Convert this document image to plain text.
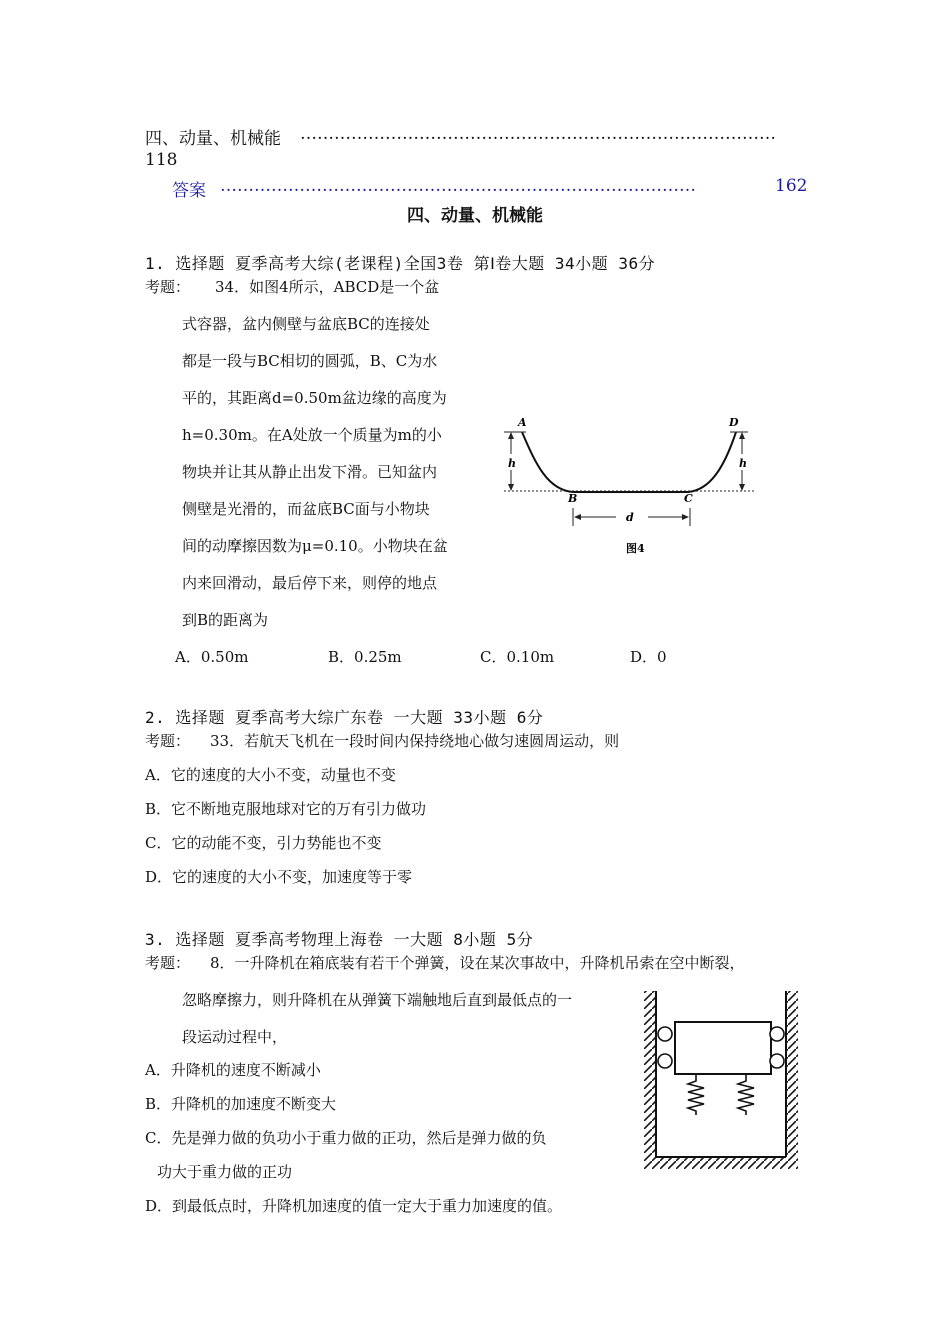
四、动量、机械能 …………………………………………………………………………
118
答案 …………………………………………………………………………	162
四、动量、机械能
1. 选择题 夏季高考大综(老课程)全国3卷 第Ⅰ卷大题 34小题 36分
考题： 34．如图4所示，ABCD是一个盆
式容器，盆内侧壁与盆底BC的连接处
都是一段与BC相切的圆弧，B、C为水
平的，其距离d=0.50m盆边缘的高度为
h=0.30m。在A处放一个质量为m的小
物块并让其从静止出发下滑。已知盆内
侧壁是光滑的，而盆底BC面与小物块
间的动摩擦因数为μ=0.10。小物块在盆
内来回滑动，最后停下来，则停的地点
到B的距离为
A．0.50m	B．0.25m	C．0.10m	D．0
h	h
A	D
B	C
d
图4
2. 选择题 夏季高考大综广东卷 一大题 33小题 6分
考题： 33．若航天飞机在一段时间内保持绕地心做匀速圆周运动，则
A．它的速度的大小不变，动量也不变
B．它不断地克服地球对它的万有引力做功
C．它的动能不变，引力势能也不变
D．它的速度的大小不变，加速度等于零
3. 选择题 夏季高考物理上海卷 一大题 8小题 5分
考题： 8．一升降机在箱底装有若干个弹簧，设在某次事故中，升降机吊索在空中断裂，
忽略摩擦力，则升降机在从弹簧下端触地后直到最低点的一
段运动过程中，
A．升降机的速度不断减小
B．升降机的加速度不断变大
C．先是弹力做的负功小于重力做的正功，然后是弹力做的负
功大于重力做的正功
D．到最低点时，升降机加速度的值一定大于重力加速度的值。
